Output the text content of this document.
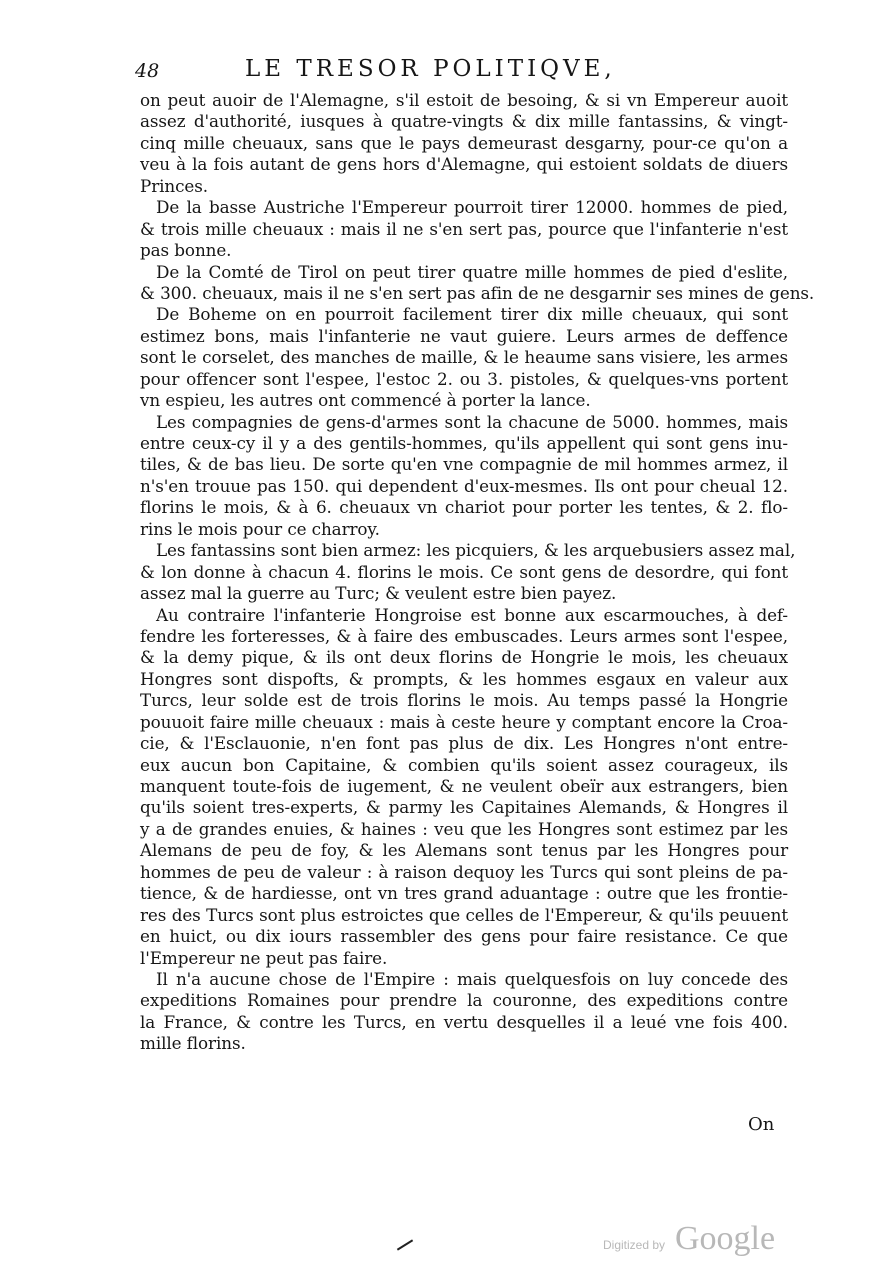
48	LE TRESOR POLITIQVE,
on peut auoir de l'Alemagne, s'il estoit de besoing, & si vn Empereur auoit
assez d'authorité, iusques à quatre-vingts & dix mille fantassins, & vingt-
cinq mille cheuaux, sans que le pays demeurast desgarny, pour-ce qu'on a
veu à la fois autant de gens hors d'Alemagne, qui estoient soldats de diuers
Princes.
De la basse Austriche l'Empereur pourroit tirer 12000. hommes de pied,
& trois mille cheuaux : mais il ne s'en sert pas, pource que l'infanterie n'est
pas bonne.
De la Comté de Tirol on peut tirer quatre mille hommes de pied d'eslite,
& 300. cheuaux, mais il ne s'en sert pas afin de ne desgarnir ses mines de gens.
De Boheme on en pourroit facilement tirer dix mille cheuaux, qui sont
estimez bons, mais l'infanterie ne vaut guiere. Leurs armes de deffence
sont le corselet, des manches de maille, & le heaume sans visiere, les armes
pour offencer sont l'espee, l'estoc 2. ou 3. pistoles, & quelques-vns portent
vn espieu, les autres ont commencé à porter la lance.
Les compagnies de gens-d'armes sont la chacune de 5000. hommes, mais
entre ceux-cy il y a des gentils-hommes, qu'ils appellent qui sont gens inu-
tiles, & de bas lieu. De sorte qu'en vne compagnie de mil hommes armez, il
n's'en trouue pas 150. qui dependent d'eux-mesmes. Ils ont pour cheual 12.
florins le mois, & à 6. cheuaux vn chariot pour porter les tentes, & 2. flo-
rins le mois pour ce charroy.
Les fantassins sont bien armez: les picquiers, & les arquebusiers assez mal,
& lon donne à chacun 4. florins le mois. Ce sont gens de desordre, qui font
assez mal la guerre au Turc; & veulent estre bien payez.
Au contraire l'infanterie Hongroise est bonne aux escarmouches, à def-
fendre les forteresses, & à faire des embuscades. Leurs armes sont l'espee,
& la demy pique, & ils ont deux florins de Hongrie le mois, les cheuaux
Hongres sont dispofts, & prompts, & les hommes esgaux en valeur aux
Turcs, leur solde est de trois florins le mois. Au temps passé la Hongrie
pouuoit faire mille cheuaux : mais à ceste heure y comptant encore la Croa-
cie, & l'Esclauonie, n'en font pas plus de dix. Les Hongres n'ont entre-
eux aucun bon Capitaine, & combien qu'ils soient assez courageux, ils
manquent toute-fois de iugement, & ne veulent obeïr aux estrangers, bien
qu'ils soient tres-experts, & parmy les Capitaines Alemands, & Hongres il
y a de grandes enuies, & haines : veu que les Hongres sont estimez par les
Alemans de peu de foy, & les Alemans sont tenus par les Hongres pour
hommes de peu de valeur : à raison dequoy les Turcs qui sont pleins de pa-
tience, & de hardiesse, ont vn tres grand aduantage : outre que les frontie-
res des Turcs sont plus estroictes que celles de l'Empereur, & qu'ils peuuent
en huict, ou dix iours rassembler des gens pour faire resistance. Ce que
l'Empereur ne peut pas faire.
Il n'a aucune chose de l'Empire : mais quelquesfois on luy concede des
expeditions Romaines pour prendre la couronne, des expeditions contre
la France, & contre les Turcs, en vertu desquelles il a leué vne fois 400.
mille florins.
On
Digitized by Google
